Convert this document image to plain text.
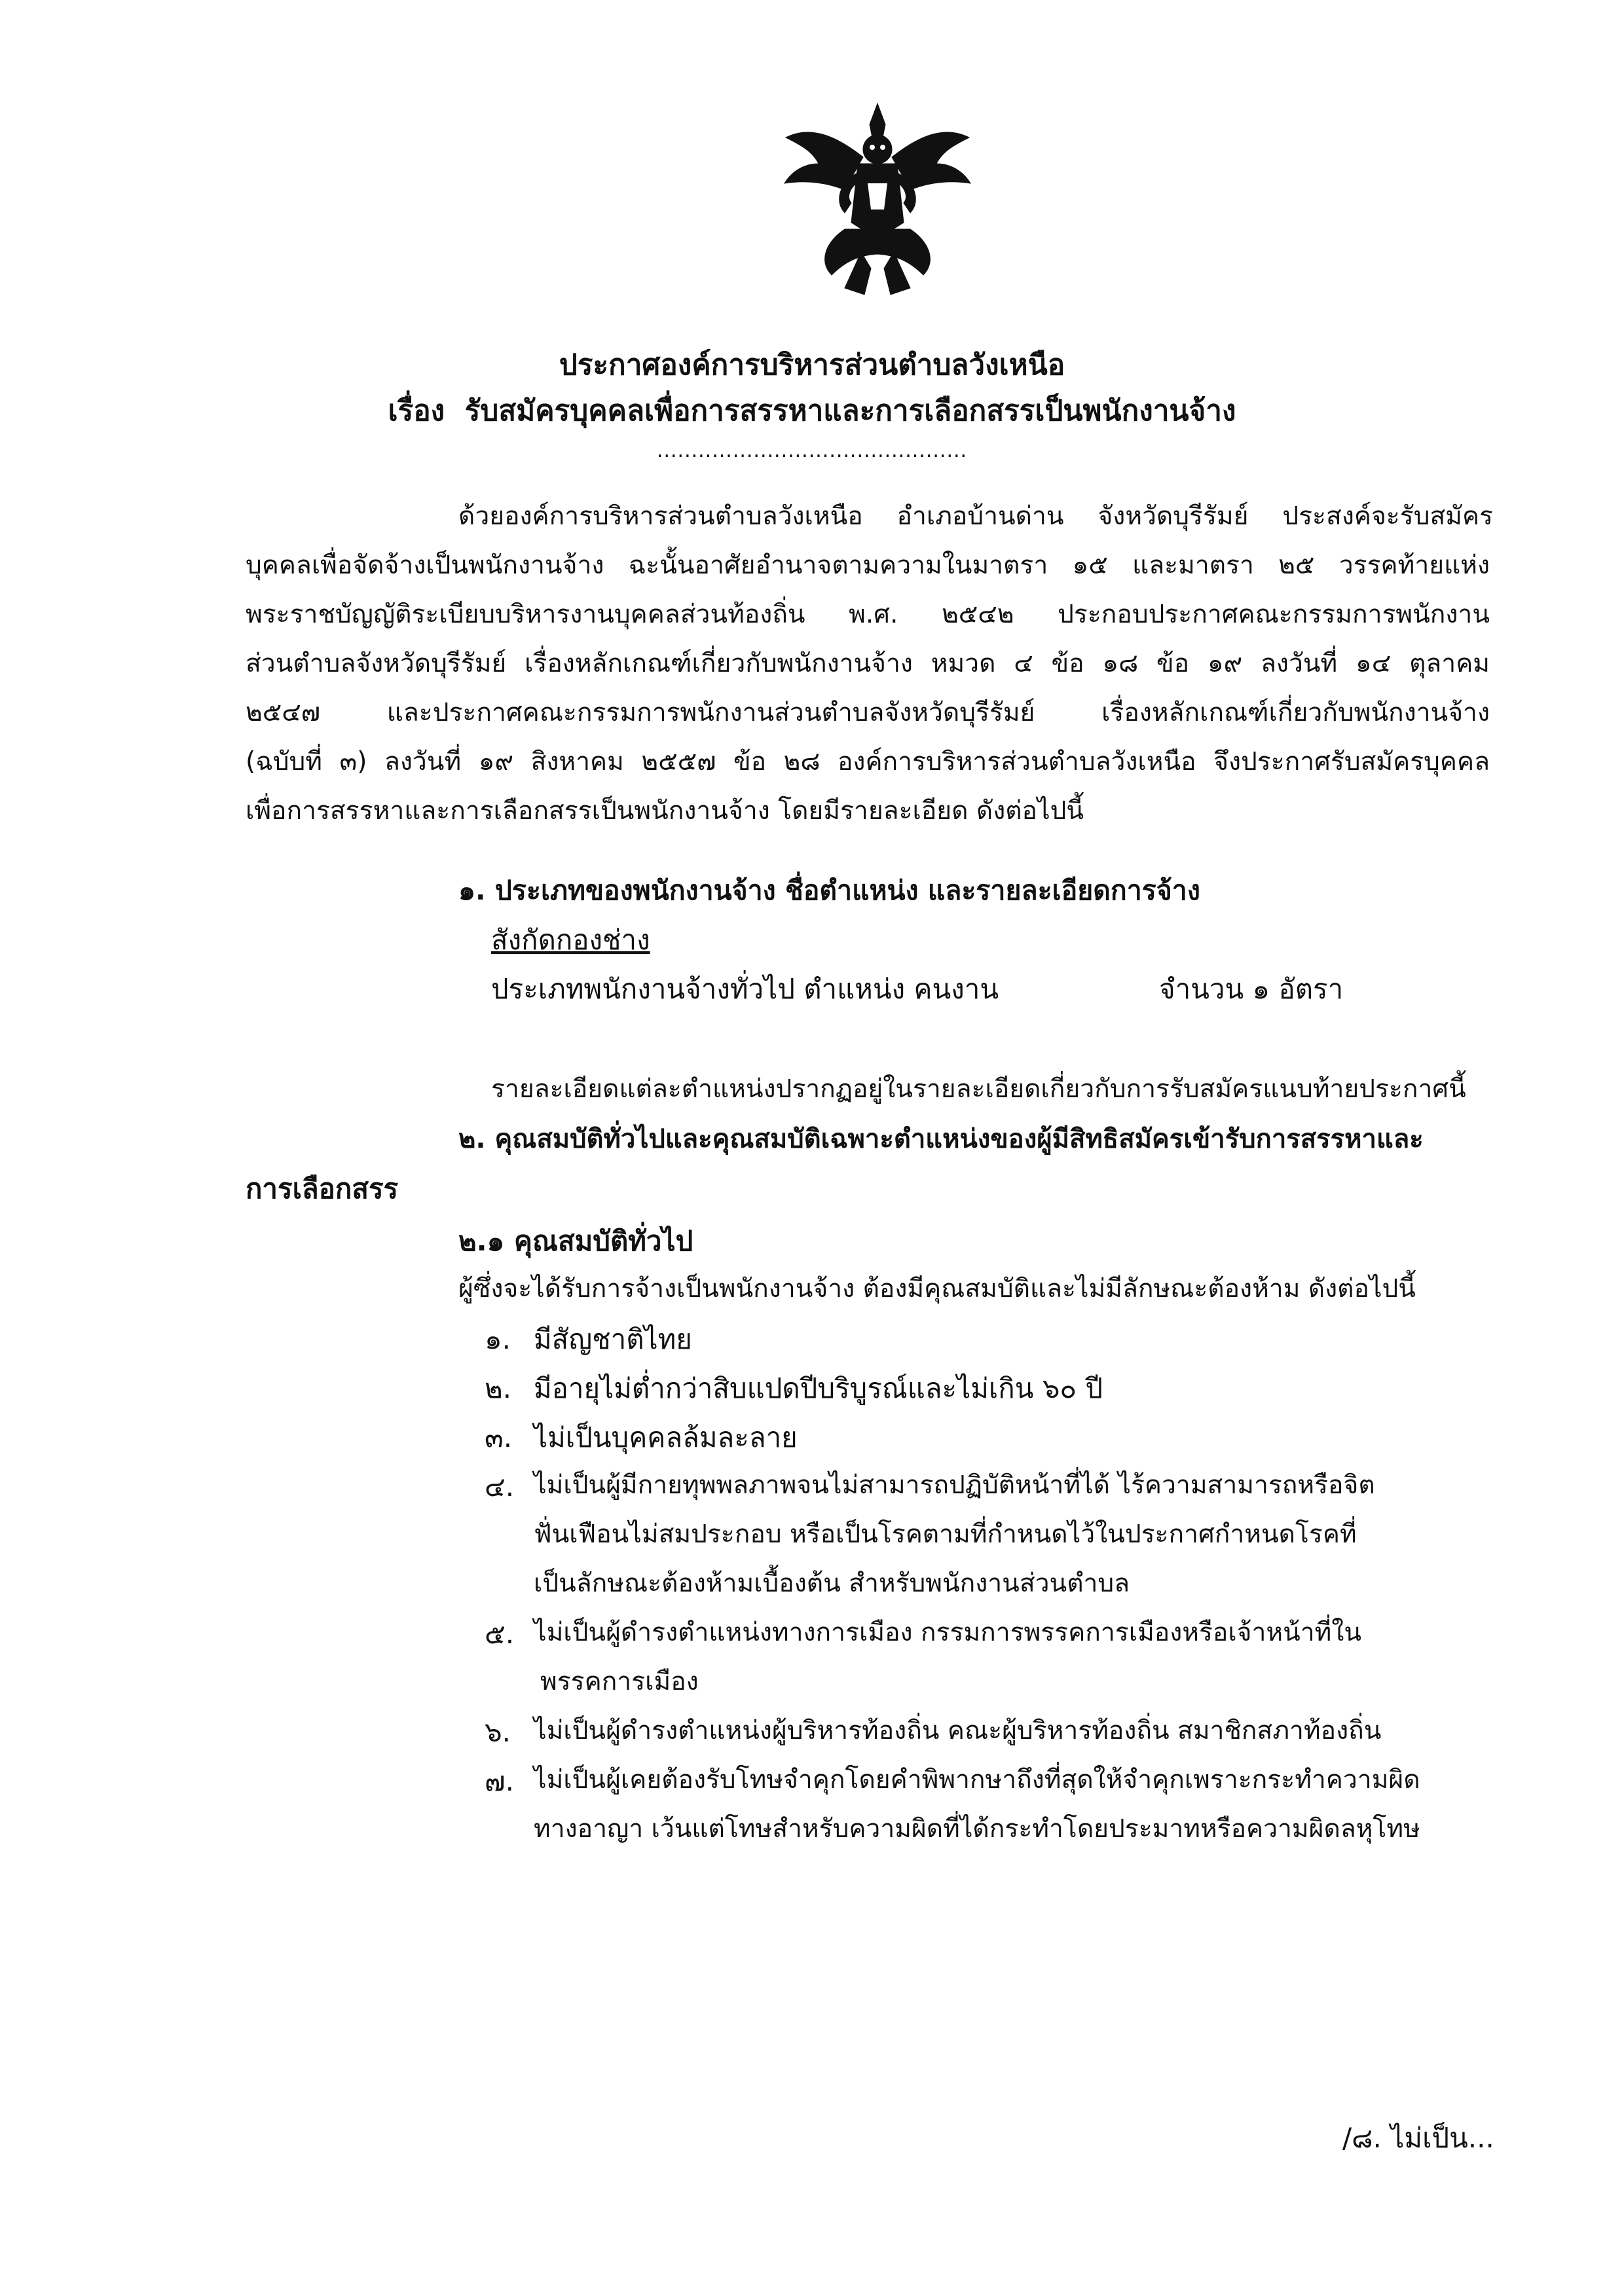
ประกาศองค์การบริหารส่วนตำบลวังเหนือ
เรื่อง รับสมัครบุคคลเพื่อการสรรหาและการเลือกสรรเป็นพนักงานจ้าง
.............................................
ด้วยองค์การบริหารส่วนตำบลวังเหนือ อำเภอบ้านด่าน จังหวัดบุรีรัมย์ ประสงค์จะรับสมัคร
บุคคลเพื่อจัดจ้างเป็นพนักงานจ้าง ฉะนั้นอาศัยอำนาจตามความในมาตรา ๑๕ และมาตรา ๒๕ วรรคท้ายแห่ง
พระราชบัญญัติระเบียบบริหารงานบุคคลส่วนท้องถิ่น พ.ศ. ๒๕๔๒ ประกอบประกาศคณะกรรมการพนักงาน
ส่วนตำบลจังหวัดบุรีรัมย์ เรื่องหลักเกณฑ์เกี่ยวกับพนักงานจ้าง หมวด ๔ ข้อ ๑๘ ข้อ ๑๙ ลงวันที่ ๑๔ ตุลาคม
๒๕๔๗ และประกาศคณะกรรมการพนักงานส่วนตำบลจังหวัดบุรีรัมย์ เรื่องหลักเกณฑ์เกี่ยวกับพนักงานจ้าง
(ฉบับที่ ๓) ลงวันที่ ๑๙ สิงหาคม ๒๕๕๗ ข้อ ๒๘ องค์การบริหารส่วนตำบลวังเหนือ จึงประกาศรับสมัครบุคคล
เพื่อการสรรหาและการเลือกสรรเป็นพนักงานจ้าง โดยมีรายละเอียด ดังต่อไปนี้
๑. ประเภทของพนักงานจ้าง ชื่อตำแหน่ง และรายละเอียดการจ้าง
สังกัดกองช่าง
ประเภทพนักงานจ้างทั่วไป ตำแหน่ง คนงาน	จำนวน ๑ อัตรา
รายละเอียดแต่ละตำแหน่งปรากฏอยู่ในรายละเอียดเกี่ยวกับการรับสมัครแนบท้ายประกาศนี้
๒. คุณสมบัติทั่วไปและคุณสมบัติเฉพาะตำแหน่งของผู้มีสิทธิสมัครเข้ารับการสรรหาและ
การเลือกสรร
๒.๑ คุณสมบัติทั่วไป
ผู้ซึ่งจะได้รับการจ้างเป็นพนักงานจ้าง ต้องมีคุณสมบัติและไม่มีลักษณะต้องห้าม ดังต่อไปนี้
๑. มีสัญชาติไทย
๒. มีอายุไม่ต่ำกว่าสิบแปดปีบริบูรณ์และไม่เกิน ๖๐ ปี
๓. ไม่เป็นบุคคลล้มละลาย
๔. ไม่เป็นผู้มีกายทุพพลภาพจนไม่สามารถปฏิบัติหน้าที่ได้ ไร้ความสามารถหรือจิต
ฟั่นเฟือนไม่สมประกอบ หรือเป็นโรคตามที่กำหนดไว้ในประกาศกำหนดโรคที่
เป็นลักษณะต้องห้ามเบื้องต้น สำหรับพนักงานส่วนตำบล
๕. ไม่เป็นผู้ดำรงตำแหน่งทางการเมือง กรรมการพรรคการเมืองหรือเจ้าหน้าที่ใน
พรรคการเมือง
๖. ไม่เป็นผู้ดำรงตำแหน่งผู้บริหารท้องถิ่น คณะผู้บริหารท้องถิ่น สมาชิกสภาท้องถิ่น
๗. ไม่เป็นผู้เคยต้องรับโทษจำคุกโดยคำพิพากษาถึงที่สุดให้จำคุกเพราะกระทำความผิด
ทางอาญา เว้นแต่โทษสำหรับความผิดที่ได้กระทำโดยประมาทหรือความผิดลหุโทษ
/๘. ไม่เป็น...
